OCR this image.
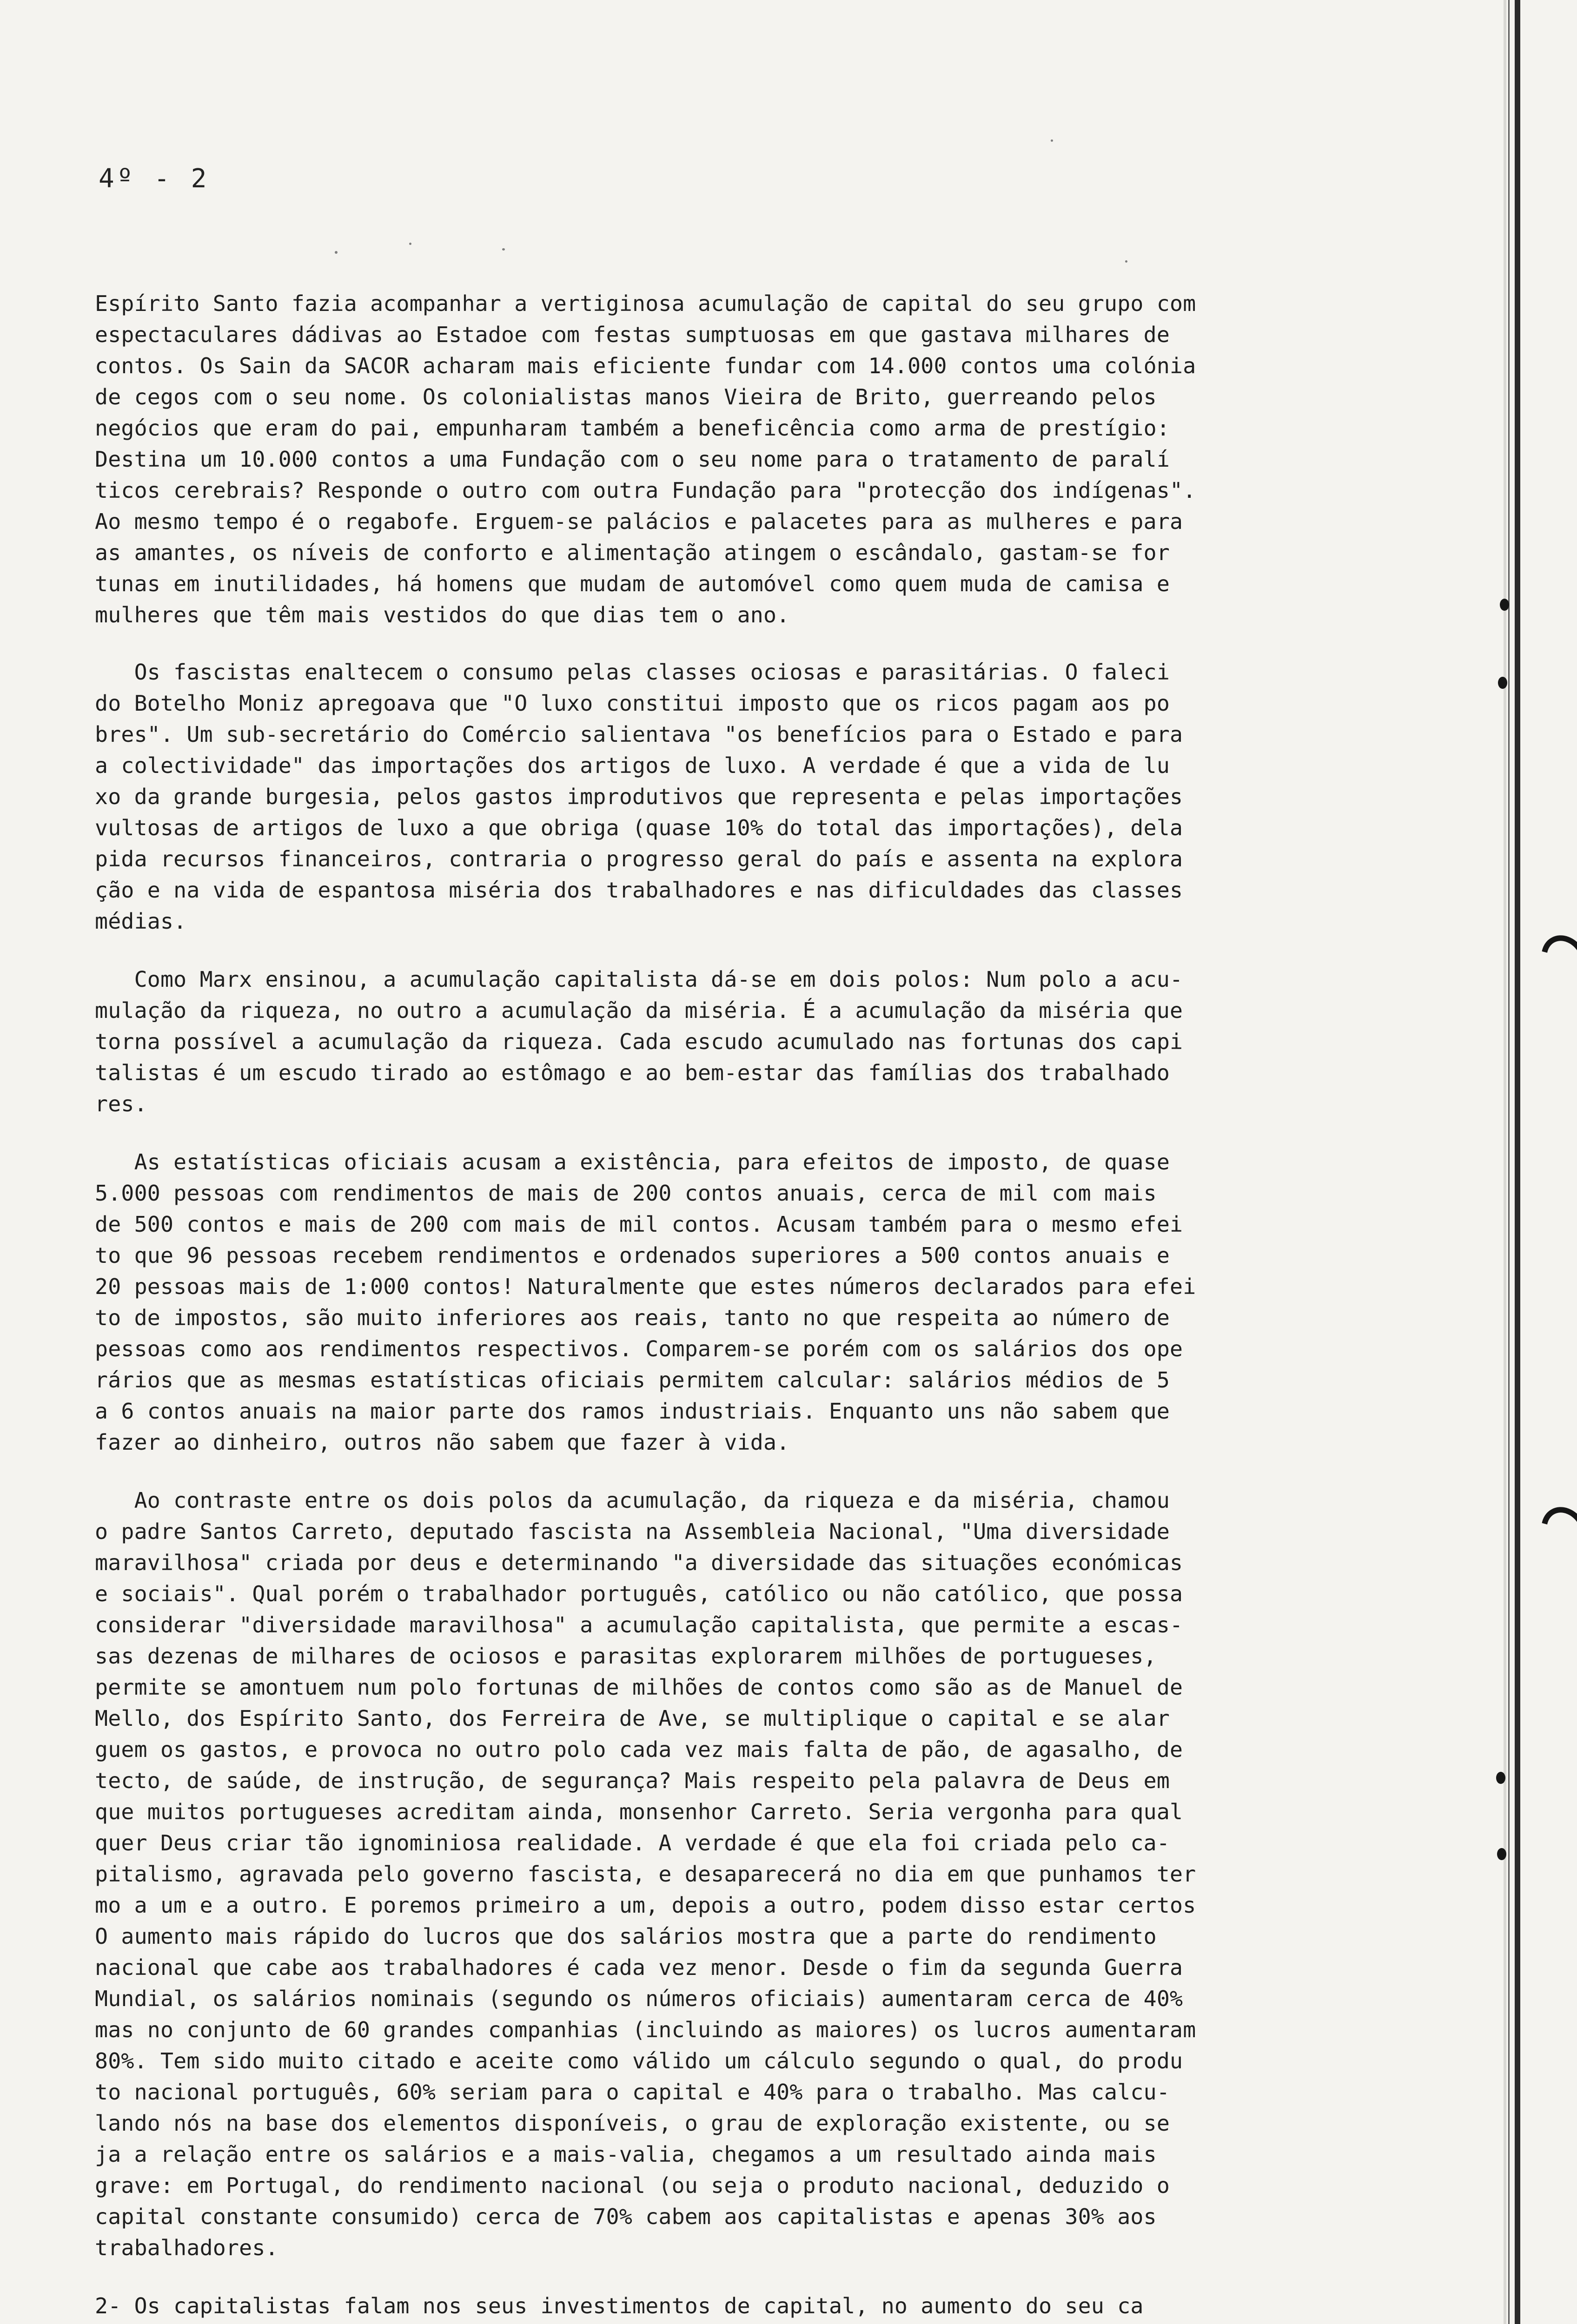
4º - 2
Espírito Santo fazia acompanhar a vertiginosa acumulação de capital do seu grupo com
espectaculares dádivas ao Estadoe com festas sumptuosas em que gastava milhares de
contos. Os Sain da SACOR acharam mais eficiente fundar com 14.000 contos uma colónia
de cegos com o seu nome. Os colonialistas manos Vieira de Brito, guerreando pelos
negócios que eram do pai, empunharam também a beneficência como arma de prestígio:
Destina um 10.000 contos a uma Fundação com o seu nome para o tratamento de paralí
ticos cerebrais? Responde o outro com outra Fundação para "protecção dos indígenas".
Ao mesmo tempo é o regabofe. Erguem-se palácios e palacetes para as mulheres e para
as amantes, os níveis de conforto e alimentação atingem o escândalo, gastam-se for
tunas em inutilidades, há homens que mudam de automóvel como quem muda de camisa e
mulheres que têm mais vestidos do que dias tem o ano.
Os fascistas enaltecem o consumo pelas classes ociosas e parasitárias. O faleci
do Botelho Moniz apregoava que "O luxo constitui imposto que os ricos pagam aos po
bres". Um sub-secretário do Comércio salientava "os benefícios para o Estado e para
a colectividade" das importações dos artigos de luxo. A verdade é que a vida de lu
xo da grande burgesia, pelos gastos improdutivos que representa e pelas importações
vultosas de artigos de luxo a que obriga (quase 10% do total das importações), dela
pida recursos financeiros, contraria o progresso geral do país e assenta na explora
ção e na vida de espantosa miséria dos trabalhadores e nas dificuldades das classes
médias.
Como Marx ensinou, a acumulação capitalista dá-se em dois polos: Num polo a acu-
mulação da riqueza, no outro a acumulação da miséria. É a acumulação da miséria que
torna possível a acumulação da riqueza. Cada escudo acumulado nas fortunas dos capi
talistas é um escudo tirado ao estômago e ao bem-estar das famílias dos trabalhado
res.
As estatísticas oficiais acusam a existência, para efeitos de imposto, de quase
5.000 pessoas com rendimentos de mais de 200 contos anuais, cerca de mil com mais
de 500 contos e mais de 200 com mais de mil contos. Acusam também para o mesmo efei
to que 96 pessoas recebem rendimentos e ordenados superiores a 500 contos anuais e
20 pessoas mais de 1:000 contos! Naturalmente que estes números declarados para efei
to de impostos, são muito inferiores aos reais, tanto no que respeita ao número de
pessoas como aos rendimentos respectivos. Comparem-se porém com os salários dos ope
rários que as mesmas estatísticas oficiais permitem calcular: salários médios de 5
a 6 contos anuais na maior parte dos ramos industriais. Enquanto uns não sabem que
fazer ao dinheiro, outros não sabem que fazer à vida.
Ao contraste entre os dois polos da acumulação, da riqueza e da miséria, chamou
o padre Santos Carreto, deputado fascista na Assembleia Nacional, "Uma diversidade
maravilhosa" criada por deus e determinando "a diversidade das situações económicas
e sociais". Qual porém o trabalhador português, católico ou não católico, que possa
considerar "diversidade maravilhosa" a acumulação capitalista, que permite a escas-
sas dezenas de milhares de ociosos e parasitas explorarem milhões de portugueses,
permite se amontuem num polo fortunas de milhões de contos como são as de Manuel de
Mello, dos Espírito Santo, dos Ferreira de Ave, se multiplique o capital e se alar
guem os gastos, e provoca no outro polo cada vez mais falta de pão, de agasalho, de
tecto, de saúde, de instrução, de segurança? Mais respeito pela palavra de Deus em
que muitos portugueses acreditam ainda, monsenhor Carreto. Seria vergonha para qual
quer Deus criar tão ignominiosa realidade. A verdade é que ela foi criada pelo ca-
pitalismo, agravada pelo governo fascista, e desaparecerá no dia em que punhamos ter
mo a um e a outro. E poremos primeiro a um, depois a outro, podem disso estar certos
O aumento mais rápido do lucros que dos salários mostra que a parte do rendimento
nacional que cabe aos trabalhadores é cada vez menor. Desde o fim da segunda Guerra
Mundial, os salários nominais (segundo os números oficiais) aumentaram cerca de 40%
mas no conjunto de 60 grandes companhias (incluindo as maiores) os lucros aumentaram
80%. Tem sido muito citado e aceite como válido um cálculo segundo o qual, do produ
to nacional português, 60% seriam para o capital e 40% para o trabalho. Mas calcu-
lando nós na base dos elementos disponíveis, o grau de exploração existente, ou se
ja a relação entre os salários e a mais-valia, chegamos a um resultado ainda mais
grave: em Portugal, do rendimento nacional (ou seja o produto nacional, deduzido o
capital constante consumido) cerca de 70% cabem aos capitalistas e apenas 30% aos
trabalhadores.
2- Os capitalistas falam nos seus investimentos de capital, no aumento do seu ca
